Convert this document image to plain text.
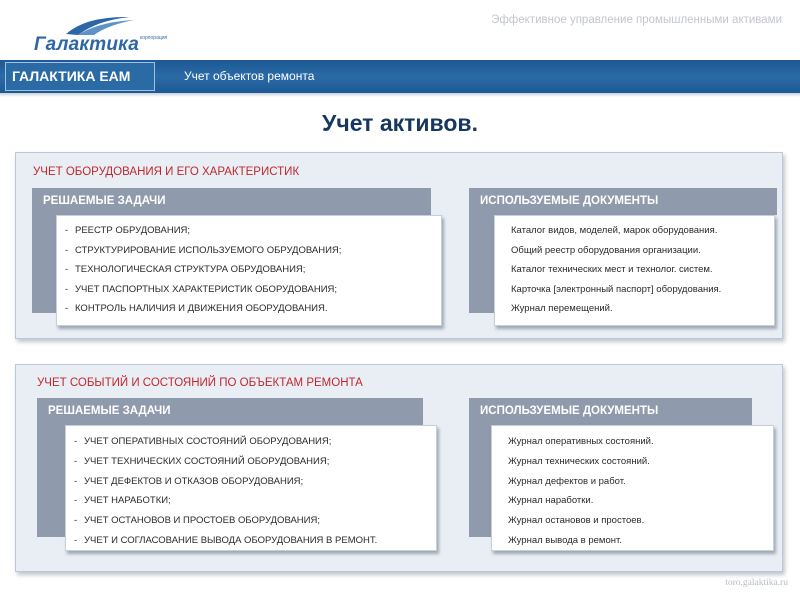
корпорация
Галактика
Эффективное управление промышленными активами
ГАЛАКТИКА ЕАМ	Учет объектов ремонта
Учет активов.
УЧЕТ ОБОРУДОВАНИЯ И ЕГО ХАРАКТЕРИСТИК
РЕШАЕМЫЕ ЗАДАЧИ	ИСПОЛЬЗУЕМЫЕ ДОКУМЕНТЫ
- РЕЕСТР ОБРУДОВАНИЯ;
- СТРУКТУРИРОВАНИЕ ИСПОЛЬЗУЕМОГО ОБРУДОВАНИЯ;
- ТЕХНОЛОГИЧЕСКАЯ СТРУКТУРА ОБРУДОВАНИЯ;
- УЧЕТ ПАСПОРТНЫХ ХАРАКТЕРИСТИК ОБОРУДОВАНИЯ;
- КОНТРОЛЬ НАЛИЧИЯ И ДВИЖЕНИЯ ОБОРУДОВАНИЯ.
Каталог видов, моделей, марок оборудования.
Общий реестр оборудования организации.
Каталог технических мест и технолог. систем.
Карточка [электронный паспорт] оборудования.
Журнал перемещений.
УЧЕТ СОБЫТИЙ И СОСТОЯНИЙ ПО ОБЪЕКТАМ РЕМОНТА
РЕШАЕМЫЕ ЗАДАЧИ	ИСПОЛЬЗУЕМЫЕ ДОКУМЕНТЫ
- УЧЕТ ОПЕРАТИВНЫХ СОСТОЯНИЙ ОБОРУДОВАНИЯ;
- УЧЕТ ТЕХНИЧЕСКИХ СОСТОЯНИЙ ОБОРУДОВАНИЯ;
- УЧЕТ ДЕФЕКТОВ И ОТКАЗОВ ОБОРУДОВАНИЯ;
- УЧЕТ НАРАБОТКИ;
- УЧЕТ ОСТАНОВОВ И ПРОСТОЕВ ОБОРУДОВАНИЯ;
- УЧЕТ И СОГЛАСОВАНИЕ ВЫВОДА ОБОРУДОВАНИЯ В РЕМОНТ.
Журнал оперативных состояний.
Журнал технических состояний.
Журнал дефектов и работ.
Журнал наработки.
Журнал остановов и простоев.
Журнал вывода в ремонт.
toro.galaktika.ru
